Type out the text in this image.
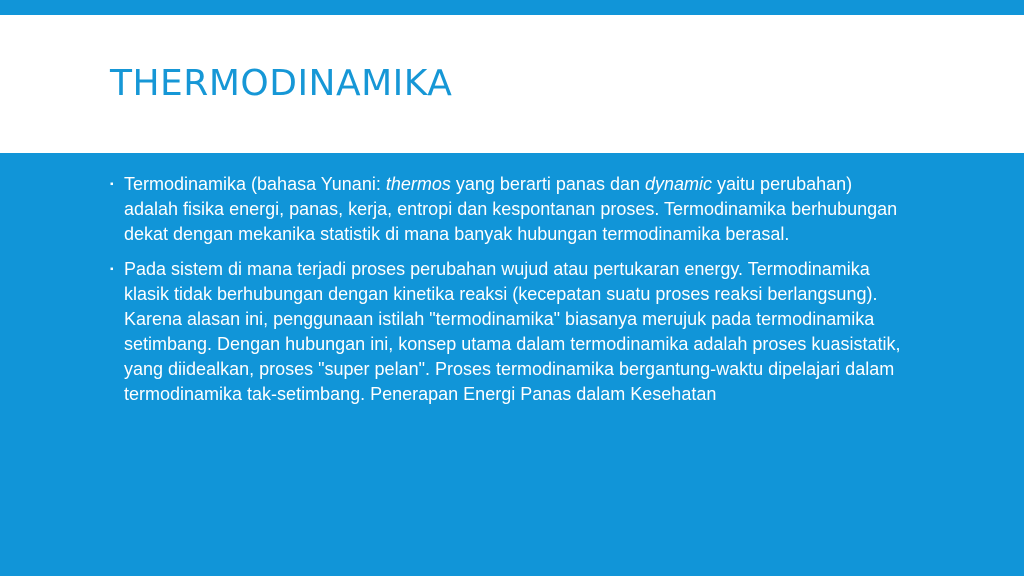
THERMODINAMIKA
▪ Termodinamika (bahasa Yunani: thermos yang berarti panas dan dynamic yaitu perubahan) adalah fisika energi, panas, kerja, entropi dan kespontanan proses. Termodinamika berhubungan dekat dengan mekanika statistik di mana banyak hubungan termodinamika berasal.
▪ Pada sistem di mana terjadi proses perubahan wujud atau pertukaran energy. Termodinamika klasik tidak berhubungan dengan kinetika reaksi (kecepatan suatu proses reaksi berlangsung). Karena alasan ini, penggunaan istilah "termodinamika" biasanya merujuk pada termodinamika setimbang. Dengan hubungan ini, konsep utama dalam termodinamika adalah proses kuasistatik, yang diidealkan, proses "super pelan". Proses termodinamika bergantung-waktu dipelajari dalam termodinamika tak-setimbang. Penerapan Energi Panas dalam Kesehatan
